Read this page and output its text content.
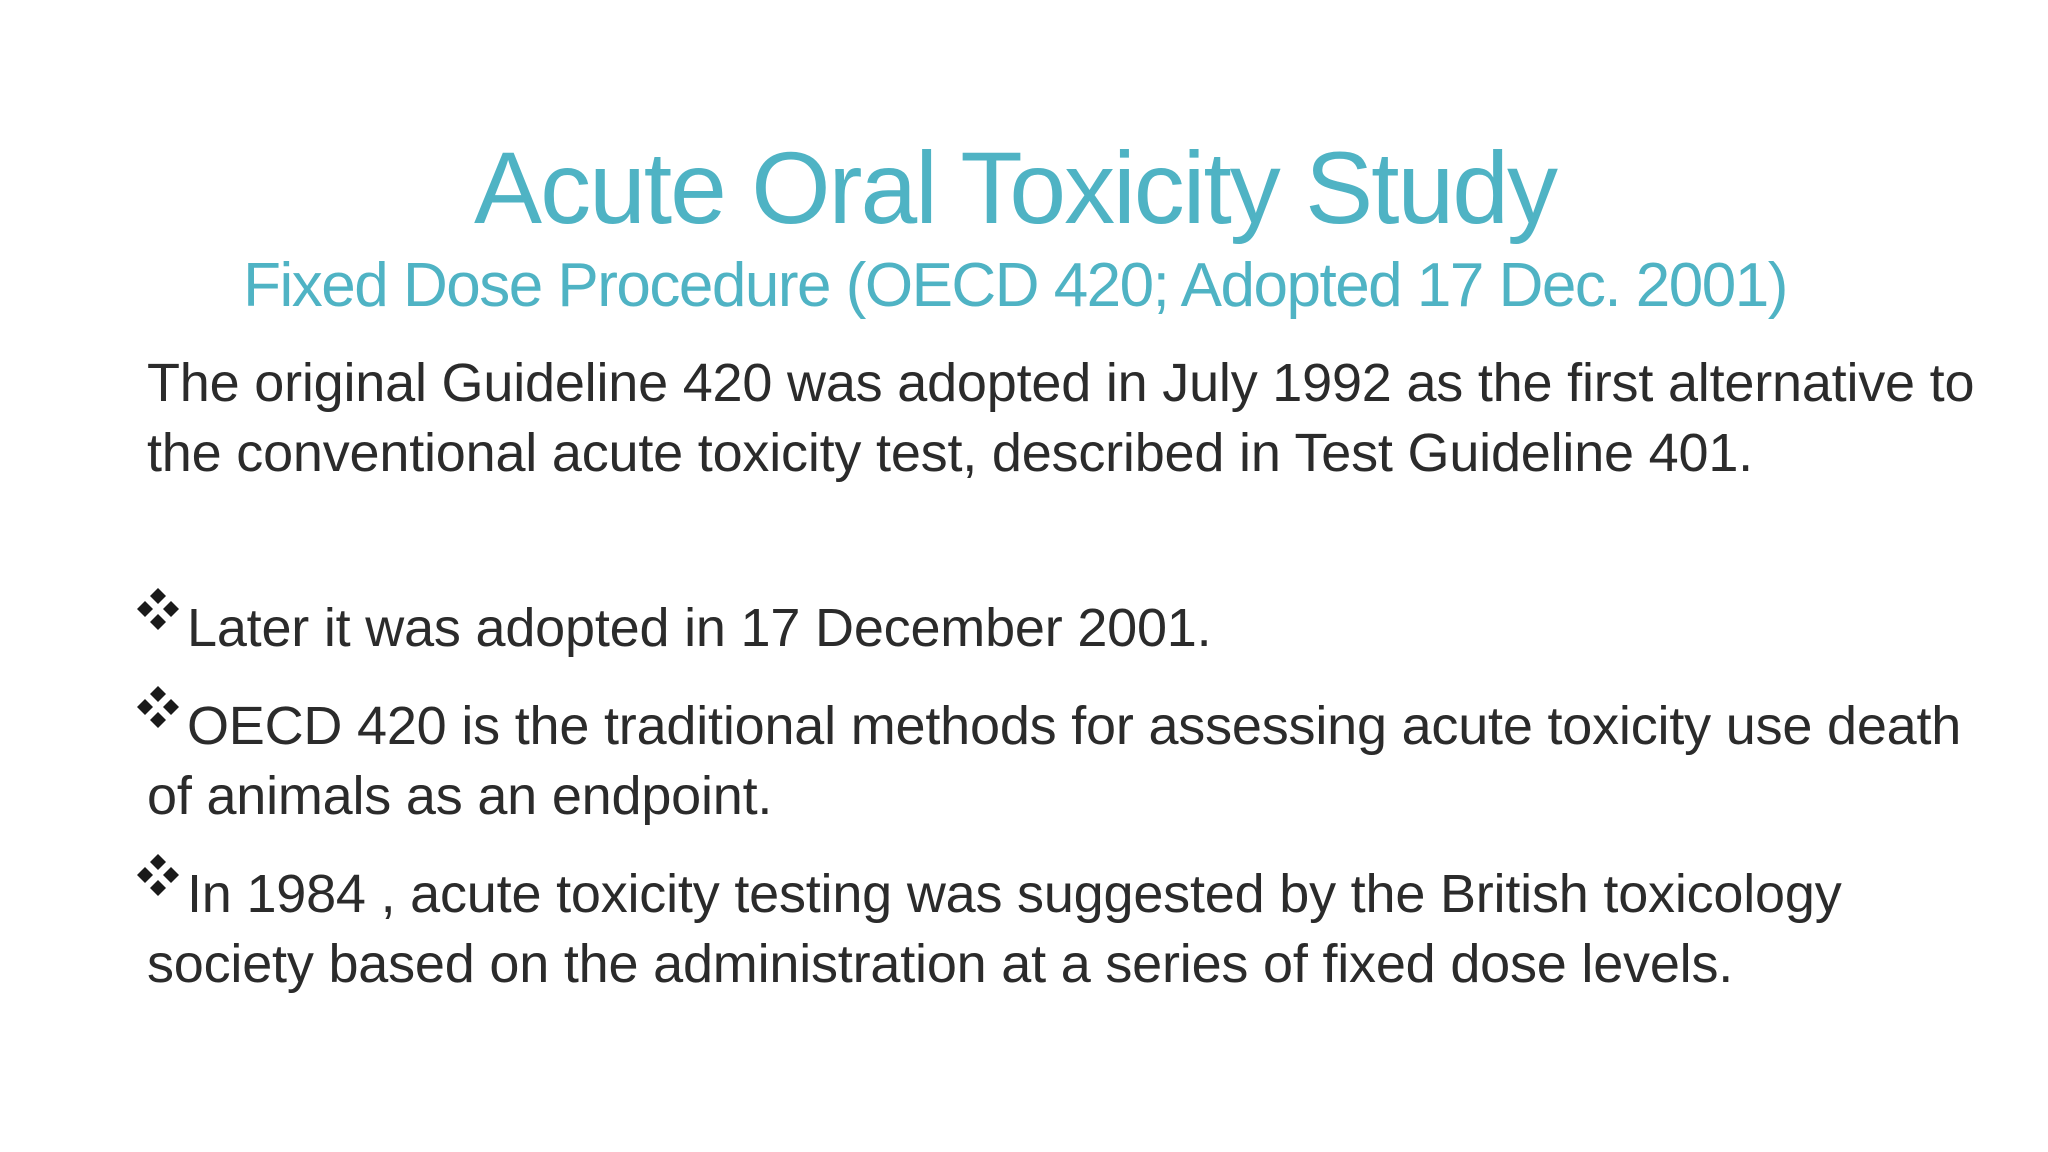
Acute Oral Toxicity Study
Fixed Dose Procedure (OECD 420; Adopted 17 Dec. 2001)
The original Guideline 420 was adopted in July 1992 as the first alternative to the conventional acute toxicity test, described in Test Guideline 401.
Later it was adopted in 17 December 2001.
OECD 420 is the traditional methods for assessing acute toxicity use death of animals as an endpoint.
In 1984 , acute toxicity testing was suggested by the British toxicology society based on the administration at a series of fixed dose levels.
